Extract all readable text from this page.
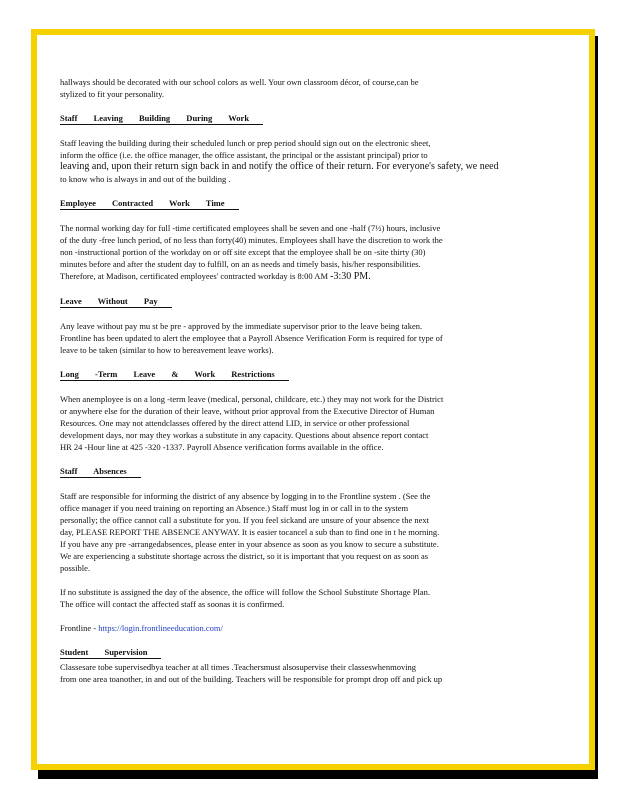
hallways should be decorated with our school colors as well. Your own classroom décor, of course,can be

stylized to fit your personality.

Staff Leaving Building During Work

Staff leaving the building during their scheduled lunch or prep period should sign out on the electronic sheet,

inform the office (i.e. the office manager, the office assistant, the principal or the assistant principal) prior to

leaving and, upon their return sign back in and notify the office of their return. For everyone's safety, we need

to know who is always in and out of the building .

Employee Contracted Work Time

The normal working day for full -time certificated employees shall be seven and one -half (7½) hours, inclusive

of the duty -free lunch period, of no less than forty(40) minutes. Employees shall have the discretion to work the

non -instructional portion of the workday on or off site except that the employee shall be on -site thirty (30)

minutes before and after the student day to fulfill, on an as needs and timely basis, his/her responsibilities.

Therefore, at Madison, certificated employees' contracted workday is 8:00 AM -3:30 PM.

Leave Without Pay

Any leave without pay mu st be pre - approved by the immediate supervisor prior to the leave being taken.

Frontline has been updated to alert the employee that a Payroll Absence Verification Form is required for type of

leave to be taken (similar to how to bereavement leave works).

Long -Term Leave & Work Restrictions

When anemployee is on a long -term leave (medical, personal, childcare, etc.) they may not work for the District

or anywhere else for the duration of their leave, without prior approval from the Executive Director of Human

Resources. One may not attendclasses offered by the direct attend LID, in service or other professional

development days, nor may they workas a substitute in any capacity. Questions about absence report contact

HR 24 -Hour line at 425 -320 -1337. Payroll Absence verification forms available in the office.

Staff Absences

Staff are responsible for informing the district of any absence by logging in to the Frontline system . (See the

office manager if you need training on reporting an Absence.) Staff must log in or call in to the system

personally; the office cannot call a substitute for you. If you feel sickand are unsure of your absence the next

day, PLEASE REPORT THE ABSENCE ANYWAY. It is easier tocancel a sub than to find one in t he morning.

If you have any pre -arrangedabsences, please enter in your absence as soon as you know to secure a substitute.

We are experiencing a substitute shortage across the district, so it is important that you request on as soon as

possible.

If no substitute is assigned the day of the absence, the office will follow the School Substitute Shortage Plan.

The office will contact the affected staff as soonas it is confirmed.

Frontline - https://login.frontlineeducation.com/
Student Supervision

Classesare tobe supervisedbya teacher at all times .Teachersmust alsosupervise their classeswhenmoving

from one area toanother, in and out of the building. Teachers will be responsible for prompt drop off and pick up
